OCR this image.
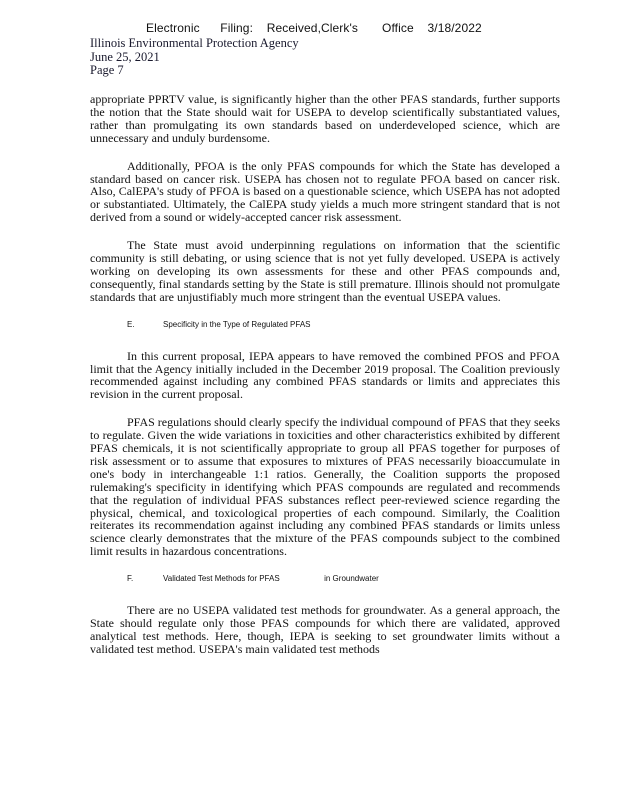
Electronic      Filing:    Received,Clerk's       Office    3/18/2022
Illinois Environmental Protection Agency
June 25, 2021
Page 7

appropriate PPRTV value, is significantly higher than the other PFAS standards, further supports the notion that the State should wait for USEPA to develop scientifically substantiated values, rather than promulgating its own standards based on underdeveloped science, which are unnecessary and unduly burdensome.

Additionally, PFOA is the only PFAS compounds for which the State has developed a standard based on cancer risk. USEPA has chosen not to regulate PFOA based on cancer risk. Also, CalEPA's study of PFOA is based on a questionable science, which USEPA has not adopted or substantiated. Ultimately, the CalEPA study yields a much more stringent standard that is not derived from a sound or widely-accepted cancer risk assessment.

The State must avoid underpinning regulations on information that the scientific community is still debating, or using science that is not yet fully developed. USEPA is actively working on developing its own assessments for these and other PFAS compounds and, consequently, final standards setting by the State is still premature. Illinois should not promulgate standards that are unjustifiably much more stringent than the eventual USEPA values.

E.	Specificity in the Type of Regulated PFAS

In this current proposal, IEPA appears to have removed the combined PFOS and PFOA limit that the Agency initially included in the December 2019 proposal. The Coalition previously recommended against including any combined PFAS standards or limits and appreciates this revision in the current proposal.

PFAS regulations should clearly specify the individual compound of PFAS that they seeks to regulate. Given the wide variations in toxicities and other characteristics exhibited by different PFAS chemicals, it is not scientifically appropriate to group all PFAS together for purposes of risk assessment or to assume that exposures to mixtures of PFAS necessarily bioaccumulate in one's body in interchangeable 1:1 ratios. Generally, the Coalition supports the proposed rulemaking's specificity in identifying which PFAS compounds are regulated and recommends that the regulation of individual PFAS substances reflect peer-reviewed science regarding the physical, chemical, and toxicological properties of each compound. Similarly, the Coalition reiterates its recommendation against including any combined PFAS standards or limits unless science clearly demonstrates that the mixture of the PFAS compounds subject to the combined limit results in hazardous concentrations.

F.	Validated Test Methods for PFAS                    in Groundwater

There are no USEPA validated test methods for groundwater. As a general approach, the State should regulate only those PFAS compounds for which there are validated, approved analytical test methods. Here, though, IEPA is seeking to set groundwater limits without a validated test method. USEPA's main validated test methods
